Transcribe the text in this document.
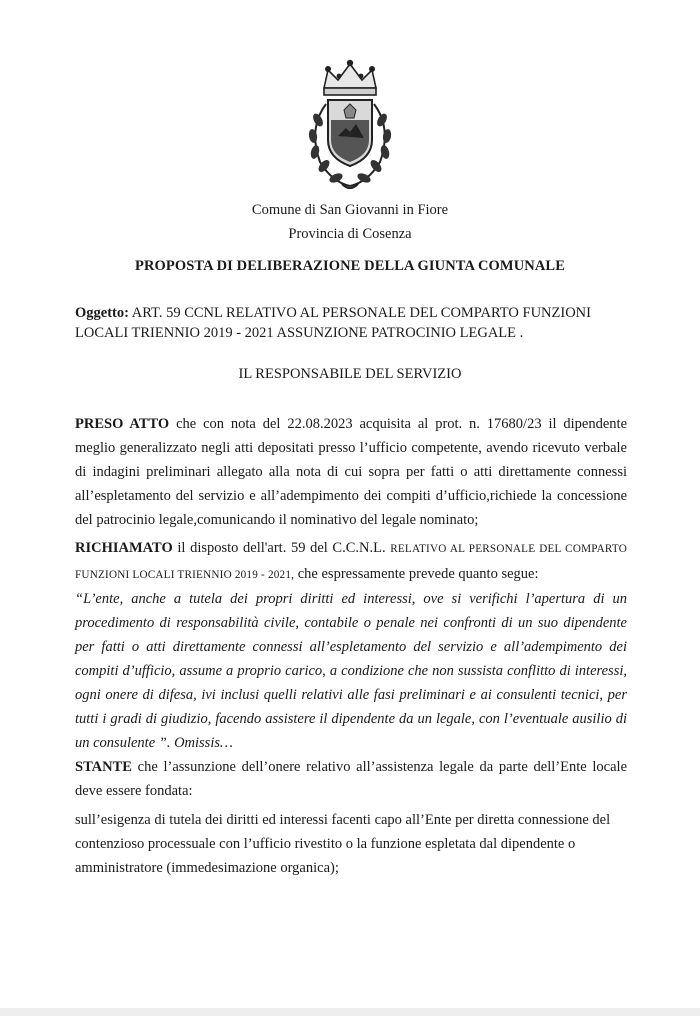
Comune di San Giovanni in Fiore
Provincia di Cosenza
PROPOSTA DI DELIBERAZIONE DELLA GIUNTA COMUNALE
Oggetto: ART. 59 CCNL RELATIVO AL PERSONALE DEL COMPARTO FUNZIONI LOCALI TRIENNIO 2019 - 2021 ASSUNZIONE PATROCINIO LEGALE .
IL RESPONSABILE DEL SERVIZIO

PRESO ATTO che con nota del 22.08.2023 acquisita al prot. n. 17680/23 il dipendente meglio generalizzato negli atti depositati presso l’ufficio competente, avendo ricevuto verbale di indagini preliminari allegato alla nota di cui sopra per fatti o atti direttamente connessi all’espletamento del servizio e all’adempimento dei compiti d’ufficio,richiede la concessione del patrocinio legale,comunicando il nominativo del legale nominato;

RICHIAMATO il disposto dell'art. 59 del C.C.N.L. RELATIVO AL PERSONALE DEL COMPARTO FUNZIONI LOCALI TRIENNIO 2019 - 2021, che espressamente prevede quanto segue:

“L’ente, anche a tutela dei propri diritti ed interessi, ove si verifichi l’apertura di un procedimento di responsabilità civile, contabile o penale nei confronti di un suo dipendente per fatti o atti direttamente connessi all’espletamento del servizio e all’adempimento dei compiti d’ufficio, assume a proprio carico, a condizione che non sussista conflitto di interessi, ogni onere di difesa, ivi inclusi quelli relativi alle fasi preliminari e ai consulenti tecnici, per tutti i gradi di giudizio, facendo assistere il dipendente da un legale, con l’eventuale ausilio di un consulente ”. Omissis…

STANTE che l’assunzione dell’onere relativo all’assistenza legale da parte dell’Ente locale deve essere fondata:

sull’esigenza di tutela dei diritti ed interessi facenti capo all’Ente per diretta connessione del contenzioso processuale con l’ufficio rivestito o la funzione espletata dal dipendente o amministratore (immedesimazione organica);
